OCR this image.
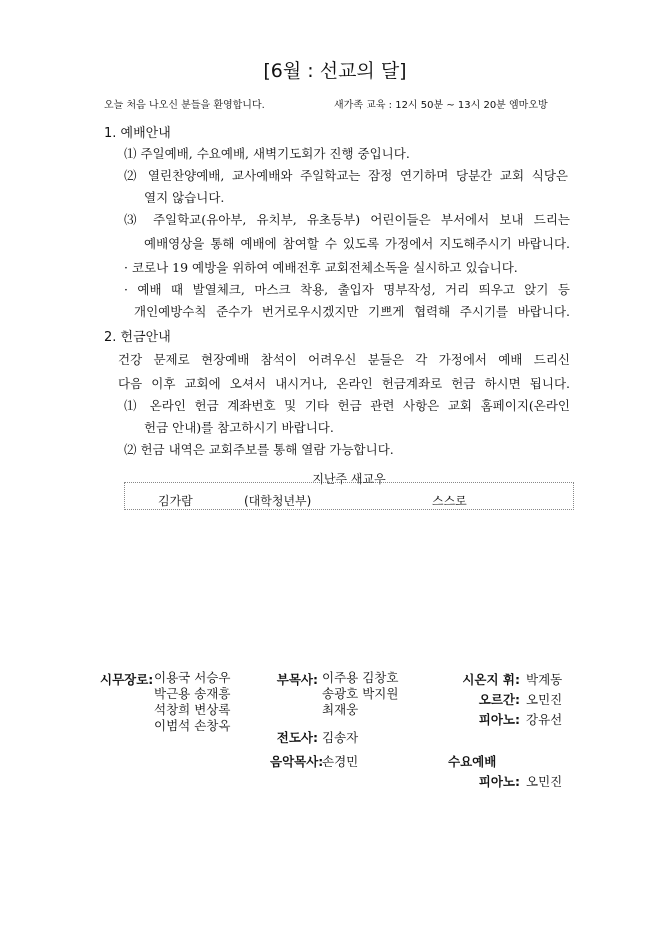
[6월 : 선교의 달]
오늘 처음 나오신 분들을 환영합니다.	새가족 교육 : 12시 50분 ~ 13시 20분 엠마오방
1. 예배안내
⑴ 주일예배, 수요예배, 새벽기도회가 진행 중입니다.
⑵ 열린찬양예배, 교사예배와 주일학교는 잠정 연기하며 당분간 교회 식당은
열지 않습니다.
⑶ 주일학교(유아부, 유치부, 유초등부) 어린이들은 부서에서 보내 드리는
예배영상을 통해 예배에 참여할 수 있도록 가정에서 지도해주시기 바랍니다.
· 코로나 19 예방을 위하여 예배전후 교회전체소독을 실시하고 있습니다.
· 예배 때 발열체크, 마스크 착용, 출입자 명부작성, 거리 띄우고 앉기 등
개인예방수칙 준수가 번거로우시겠지만 기쁘게 협력해 주시기를 바랍니다.
2. 헌금안내
건강 문제로 현장예배 참석이 어려우신 분들은 각 가정에서 예배 드리신
다음 이후 교회에 오셔서 내시거나, 온라인 헌금계좌로 헌금 하시면 됩니다.
⑴ 온라인 헌금 계좌번호 및 기타 헌금 관련 사항은 교회 홈페이지(온라인
헌금 안내)를 참고하시기 바랍니다.
⑵ 헌금 내역은 교회주보를 통해 열람 가능합니다.
지난주 새교우
김가람	(대학청년부)	스스로
시무장로: 이용국 서승우
박근용 송재흥
석창희 변상록
이범석 손창옥
부목사: 이주용 김창호
송광호 박지원
최재웅
전도사: 김송자
음악목사:
손경민
시온지 휘: 박계동
오르간: 오민진
피아노: 강유선
수요예배
피아노: 오민진
